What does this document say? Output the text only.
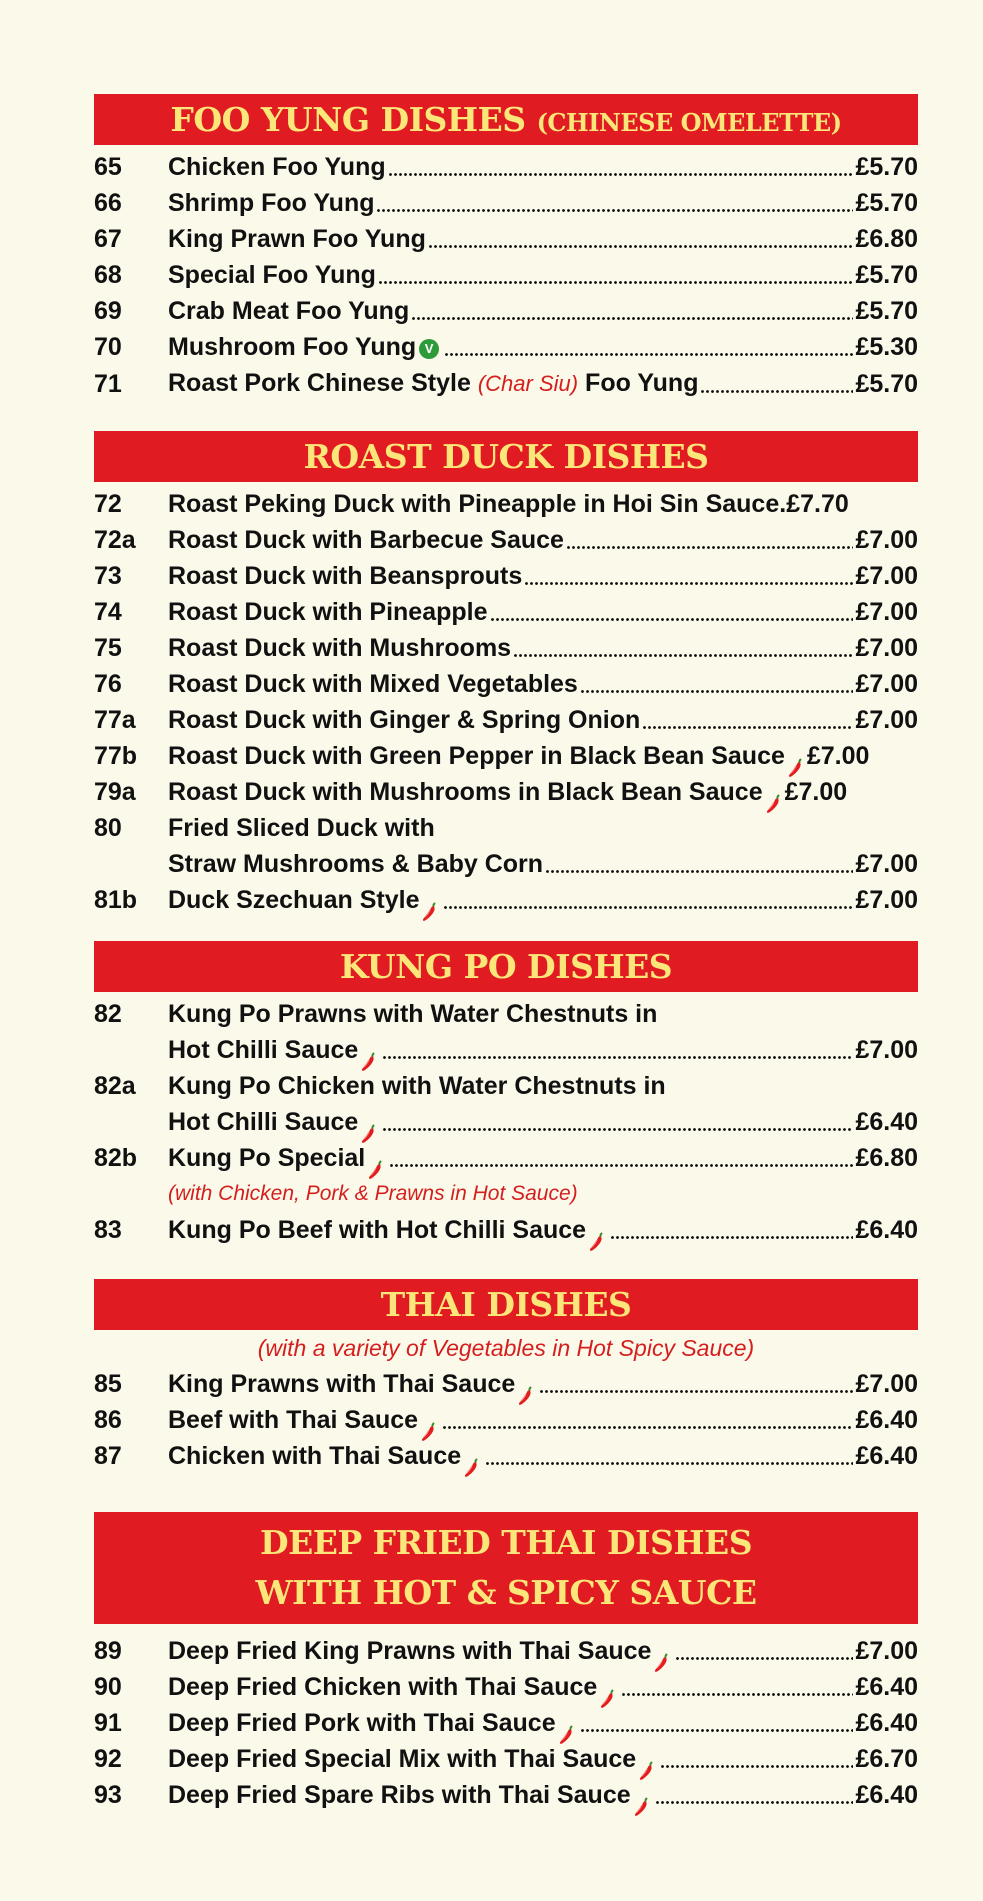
FOO YUNG DISHES (CHINESE OMELETTE)
65	Chicken Foo Yung	£5.70
66	Shrimp Foo Yung	£5.70
67	King Prawn Foo Yung	£6.80
68	Special Foo Yung	£5.70
69	Crab Meat Foo Yung	£5.70
70	Mushroom Foo Yung V	£5.30
71	Roast Pork Chinese Style (Char Siu) Foo Yung	£5.70
ROAST DUCK DISHES
72	Roast Peking Duck with Pineapple in Hoi Sin Sauce. £7.70
72a	Roast Duck with Barbecue Sauce	£7.00
73	Roast Duck with Beansprouts	£7.00
74	Roast Duck with Pineapple	£7.00
75	Roast Duck with Mushrooms	£7.00
76	Roast Duck with Mixed Vegetables	£7.00
77a	Roast Duck with Ginger & Spring Onion	£7.00
77b	Roast Duck with Green Pepper in Black Bean Sauce £7.00
79a	Roast Duck with Mushrooms in Black Bean Sauce £7.00
80	Fried Sliced Duck with
Straw Mushrooms & Baby Corn	£7.00
81b	Duck Szechuan Style	£7.00
KUNG PO DISHES
82	Kung Po Prawns with Water Chestnuts in
Hot Chilli Sauce	£7.00
82a	Kung Po Chicken with Water Chestnuts in
Hot Chilli Sauce	£6.40
82b	Kung Po Special	£6.80
(with Chicken, Pork & Prawns in Hot Sauce)
83	Kung Po Beef with Hot Chilli Sauce	£6.40
THAI DISHES
(with a variety of Vegetables in Hot Spicy Sauce)
85	King Prawns with Thai Sauce	£7.00
86	Beef with Thai Sauce	£6.40
87	Chicken with Thai Sauce	£6.40
DEEP FRIED THAI DISHES
WITH HOT & SPICY SAUCE
89	Deep Fried King Prawns with Thai Sauce	£7.00
90	Deep Fried Chicken with Thai Sauce	£6.40
91	Deep Fried Pork with Thai Sauce	£6.40
92	Deep Fried Special Mix with Thai Sauce	£6.70
93	Deep Fried Spare Ribs with Thai Sauce	£6.40
